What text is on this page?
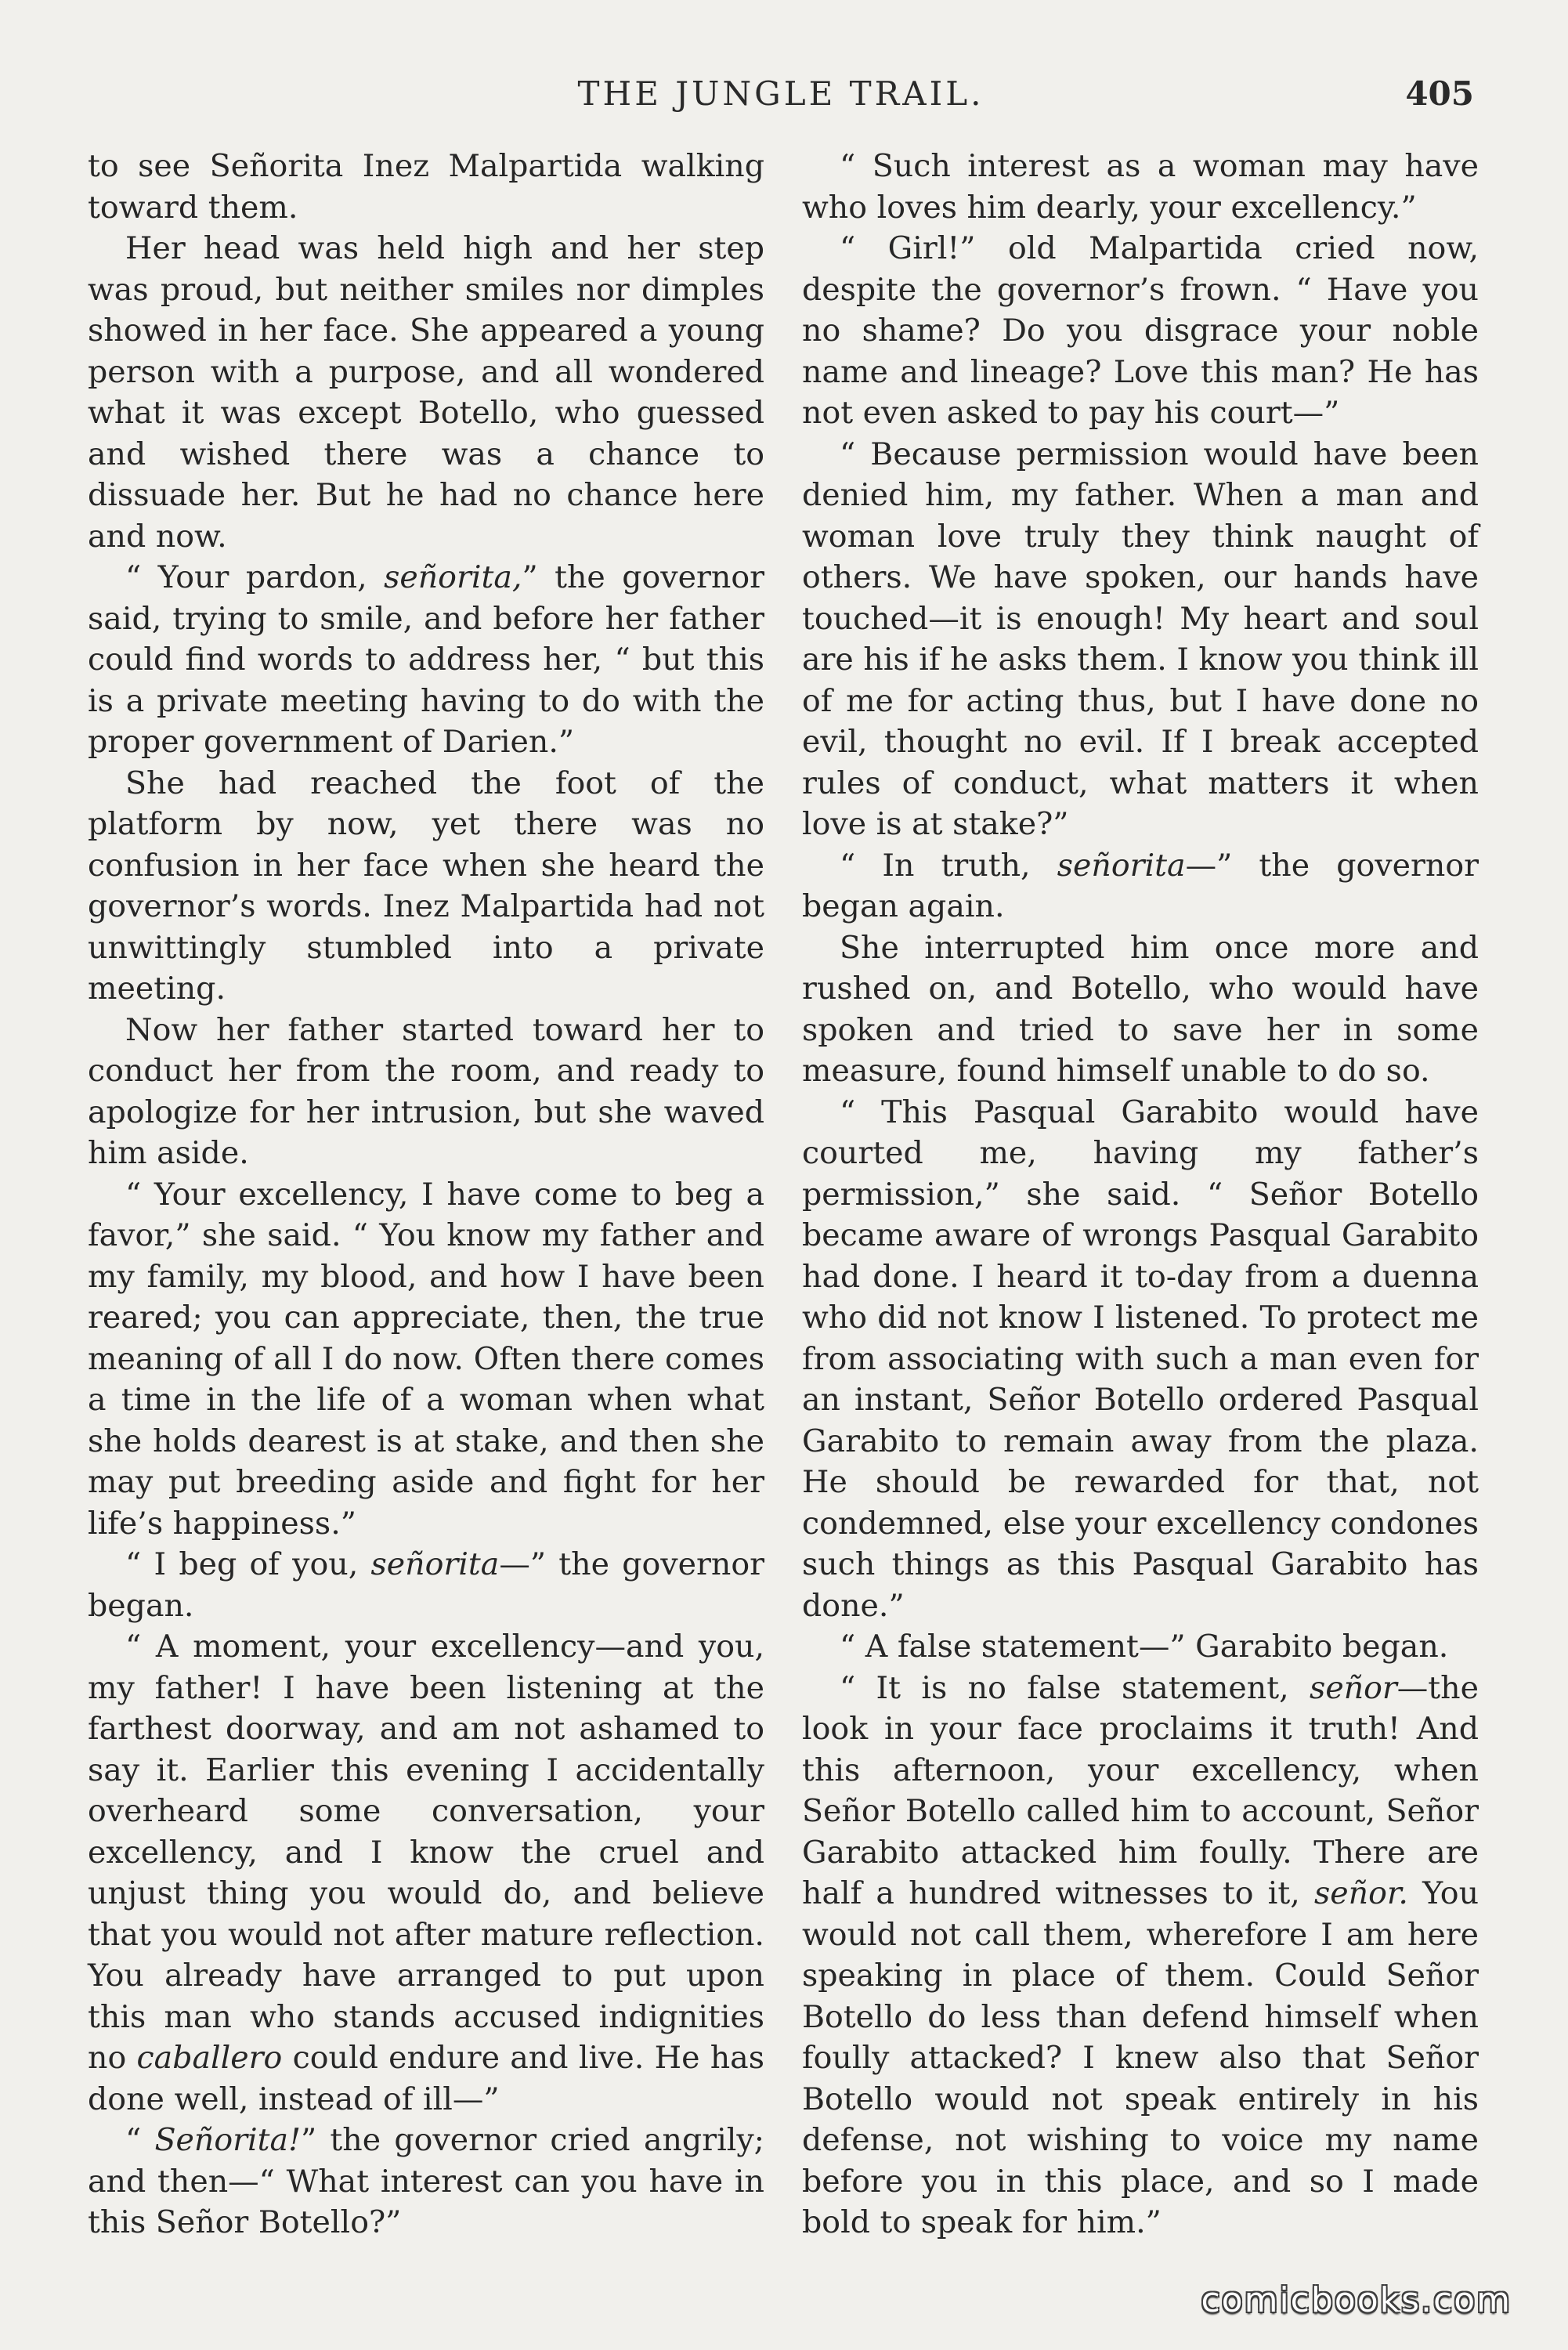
THE JUNGLE TRAIL.	405

to see Señorita Inez Malpartida walking toward them.

Her head was held high and her step was proud, but neither smiles nor dimples showed in her face. She appeared a young person with a purpose, and all wondered what it was except Botello, who guessed and wished there was a chance to dissuade her. But he had no chance here and now.

“ Your pardon, señorita,” the governor said, trying to smile, and before her father could find words to address her, “ but this is a private meeting having to do with the proper government of Darien.”

She had reached the foot of the platform by now, yet there was no confusion in her face when she heard the governor’s words. Inez Malpartida had not unwittingly stumbled into a private meeting.

Now her father started toward her to conduct her from the room, and ready to apologize for her intrusion, but she waved him aside.

“ Your excellency, I have come to beg a favor,” she said. “ You know my father and my family, my blood, and how I have been reared; you can appreciate, then, the true meaning of all I do now. Often there comes a time in the life of a woman when what she holds dearest is at stake, and then she may put breeding aside and fight for her life’s happiness.”

“ I beg of you, señorita—” the governor began.

“ A moment, your excellency—and you, my father! I have been listening at the farthest doorway, and am not ashamed to say it. Earlier this evening I accidentally overheard some conversation, your excellency, and I know the cruel and unjust thing you would do, and believe that you would not after mature reflection. You already have arranged to put upon this man who stands accused indignities no caballero could endure and live. He has done well, instead of ill—”

“ Señorita!” the governor cried angrily; and then—“ What interest can you have in this Señor Botello?”

“ Such interest as a woman may have who loves him dearly, your excellency.”

“ Girl!” old Malpartida cried now, despite the governor’s frown. “ Have you no shame? Do you disgrace your noble name and lineage? Love this man? He has not even asked to pay his court—”

“ Because permission would have been denied him, my father. When a man and woman love truly they think naught of others. We have spoken, our hands have touched—it is enough! My heart and soul are his if he asks them. I know you think ill of me for acting thus, but I have done no evil, thought no evil. If I break accepted rules of conduct, what matters it when love is at stake?”

“ In truth, señorita—” the governor began again.

She interrupted him once more and rushed on, and Botello, who would have spoken and tried to save her in some measure, found himself unable to do so.

“ This Pasqual Garabito would have courted me, having my father’s permission,” she said. “ Señor Botello became aware of wrongs Pasqual Garabito had done. I heard it to-day from a duenna who did not know I listened. To protect me from associating with such a man even for an instant, Señor Botello ordered Pasqual Garabito to remain away from the plaza. He should be rewarded for that, not condemned, else your excellency condones such things as this Pasqual Garabito has done.”

“ A false statement—” Garabito began.

“ It is no false statement, señor—the look in your face proclaims it truth! And this afternoon, your excellency, when Señor Botello called him to account, Señor Garabito attacked him foully. There are half a hundred witnesses to it, señor. You would not call them, wherefore I am here speaking in place of them. Could Señor Botello do less than defend himself when foully attacked? I knew also that Señor Botello would not speak entirely in his defense, not wishing to voice my name before you in this place, and so I made bold to speak for him.”

comicbooks.com
